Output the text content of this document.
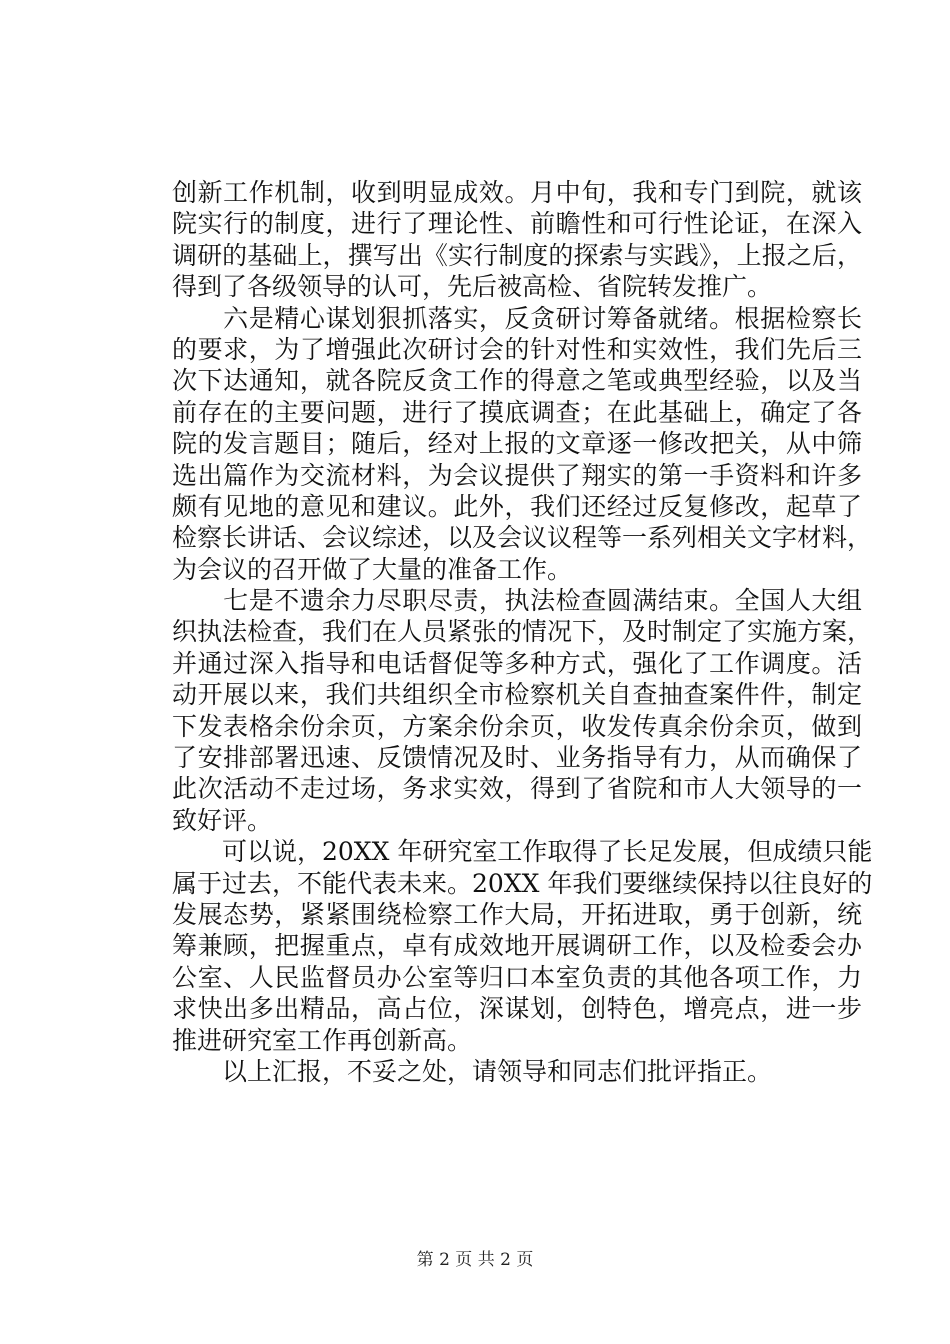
创新工作机制，收到明显成效。月中旬，我和专门到院，就该
院实行的制度，进行了理论性、前瞻性和可行性论证，在深入
调研的基础上，撰写出《实行制度的探索与实践》，上报之后，
得到了各级领导的认可，先后被高检、省院转发推广。
　　六是精心谋划狠抓落实，反贪研讨筹备就绪。根据检察长
的要求，为了增强此次研讨会的针对性和实效性，我们先后三
次下达通知，就各院反贪工作的得意之笔或典型经验，以及当
前存在的主要问题，进行了摸底调查；在此基础上，确定了各
院的发言题目；随后，经对上报的文章逐一修改把关，从中筛
选出篇作为交流材料，为会议提供了翔实的第一手资料和许多
颇有见地的意见和建议。此外，我们还经过反复修改，起草了
检察长讲话、会议综述，以及会议议程等一系列相关文字材料，
为会议的召开做了大量的准备工作。
　　七是不遗余力尽职尽责，执法检查圆满结束。全国人大组
织执法检查，我们在人员紧张的情况下，及时制定了实施方案，
并通过深入指导和电话督促等多种方式，强化了工作调度。活
动开展以来，我们共组织全市检察机关自查抽查案件件，制定
下发表格余份余页，方案余份余页，收发传真余份余页，做到
了安排部署迅速、反馈情况及时、业务指导有力，从而确保了
此次活动不走过场，务求实效，得到了省院和市人大领导的一
致好评。
　　可以说，20XX 年研究室工作取得了长足发展，但成绩只能
属于过去，不能代表未来。20XX 年我们要继续保持以往良好的
发展态势，紧紧围绕检察工作大局，开拓进取，勇于创新，统
筹兼顾，把握重点，卓有成效地开展调研工作，以及检委会办
公室、人民监督员办公室等归口本室负责的其他各项工作，力
求快出多出精品，高占位，深谋划，创特色，增亮点，进一步
推进研究室工作再创新高。
　　以上汇报，不妥之处，请领导和同志们批评指正。
第 2 页 共 2 页
